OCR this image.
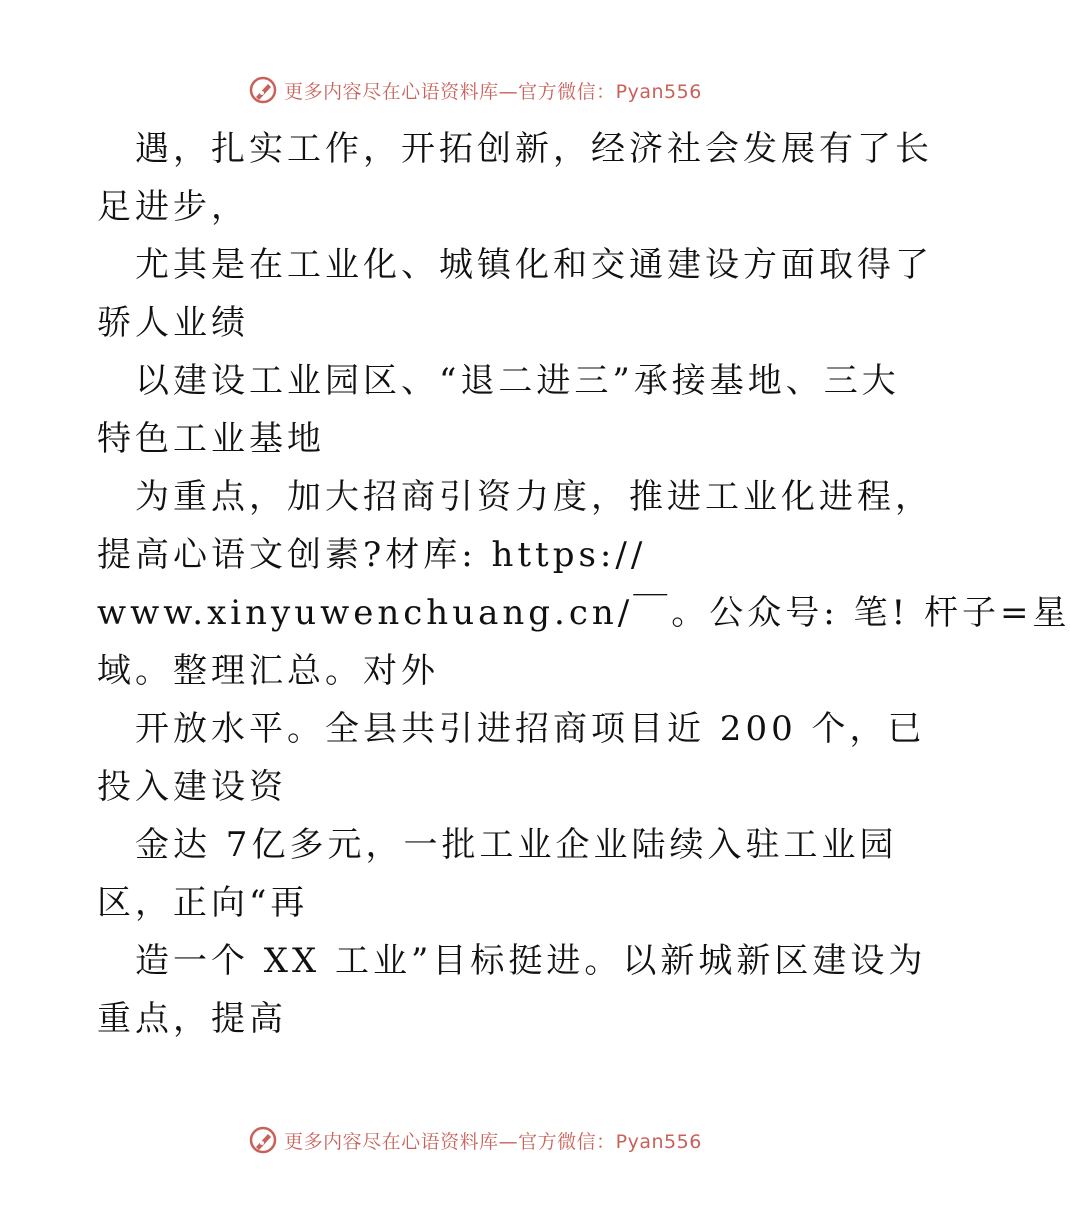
更多内容尽在心语资料库—官方微信：Pyan556
遇，扎实工作，开拓创新，经济社会发展有了长
足进步，
尤其是在工业化、城镇化和交通建设方面取得了
骄人业绩
以建设工业园区、“退二进三”承接基地、三大
特色工业基地
为重点，加大招商引资力度，推进工业化进程，
提高心语文创素?材库: https://
www.xinyuwenchuang.cn/￣。公众号: 笔! 杆子=星
域。整理汇总。对外
开放水平。全县共引进招商项目近 200 个，已
投入建设资
金达 7亿多元，一批工业企业陆续入驻工业园
区，正向“再
造一个 XX 工业”目标挺进。以新城新区建设为
重点，提高
更多内容尽在心语资料库—官方微信：Pyan556
